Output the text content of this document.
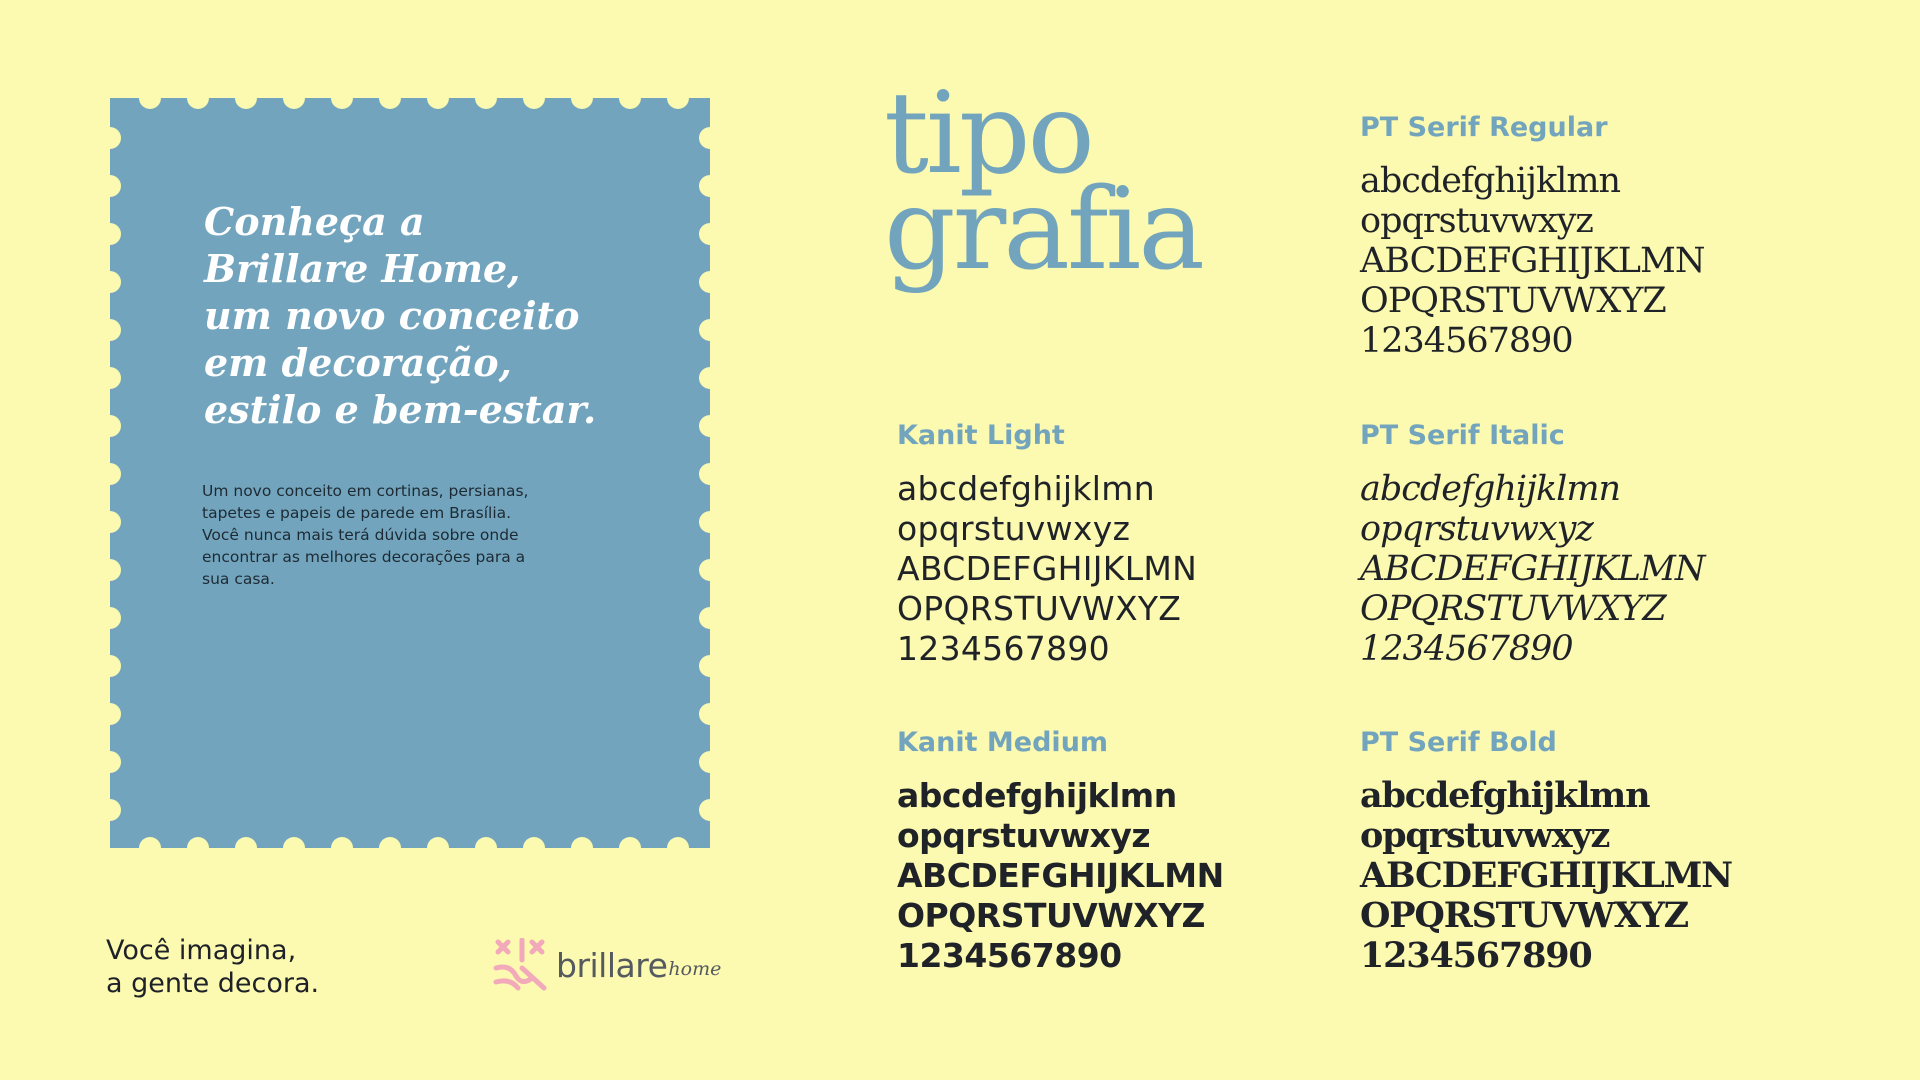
Conheça a
Brillare Home,
um novo conceito
em decoração,
estilo e bem-estar.
Um novo conceito em cortinas, persianas,
tapetes e papeis de parede em Brasília.
Você nunca mais terá dúvida sobre onde
encontrar as melhores decorações para a
sua casa.
Você imagina,
a gente decora.	brillare home
tipo
grafia
PT Serif Regular
abcdefghijklmn
opqrstuvwxyz
ABCDEFGHIJKLMN
OPQRSTUVWXYZ
1234567890
Kanit Light
abcdefghijklmn
opqrstuvwxyz
ABCDEFGHIJKLMN
OPQRSTUVWXYZ
1234567890
PT Serif Italic
abcdefghijklmn
opqrstuvwxyz
ABCDEFGHIJKLMN
OPQRSTUVWXYZ
1234567890
Kanit Medium
abcdefghijklmn
opqrstuvwxyz
ABCDEFGHIJKLMN
OPQRSTUVWXYZ
1234567890
PT Serif Bold
abcdefghijklmn
opqrstuvwxyz
ABCDEFGHIJKLMN
OPQRSTUVWXYZ
1234567890
